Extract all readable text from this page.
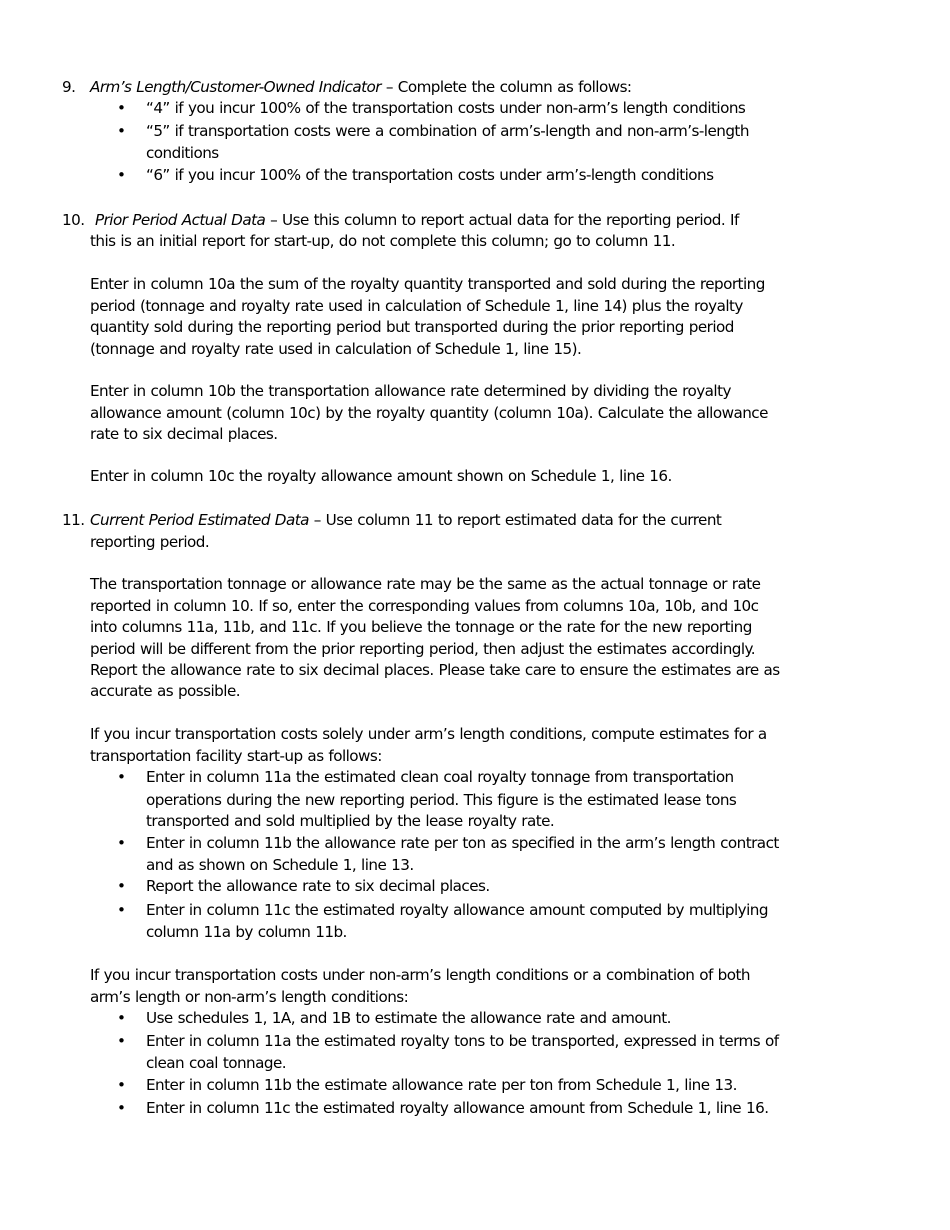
9. Arm’s Length/Customer-Owned Indicator – Complete the column as follows:
• “4” if you incur 100% of the transportation costs under non-arm’s length conditions
• “5” if transportation costs were a combination of arm’s-length and non-arm’s-length
conditions
• “6” if you incur 100% of the transportation costs under arm’s-length conditions
10. Prior Period Actual Data – Use this column to report actual data for the reporting period. If
this is an initial report for start-up, do not complete this column; go to column 11.
Enter in column 10a the sum of the royalty quantity transported and sold during the reporting
period (tonnage and royalty rate used in calculation of Schedule 1, line 14) plus the royalty
quantity sold during the reporting period but transported during the prior reporting period
(tonnage and royalty rate used in calculation of Schedule 1, line 15).
Enter in column 10b the transportation allowance rate determined by dividing the royalty
allowance amount (column 10c) by the royalty quantity (column 10a). Calculate the allowance
rate to six decimal places.
Enter in column 10c the royalty allowance amount shown on Schedule 1, line 16.
11. Current Period Estimated Data – Use column 11 to report estimated data for the current
reporting period.
The transportation tonnage or allowance rate may be the same as the actual tonnage or rate
reported in column 10. If so, enter the corresponding values from columns 10a, 10b, and 10c
into columns 11a, 11b, and 11c. If you believe the tonnage or the rate for the new reporting
period will be different from the prior reporting period, then adjust the estimates accordingly.
Report the allowance rate to six decimal places. Please take care to ensure the estimates are as
accurate as possible.
If you incur transportation costs solely under arm’s length conditions, compute estimates for a
transportation facility start-up as follows:
• Enter in column 11a the estimated clean coal royalty tonnage from transportation
operations during the new reporting period. This figure is the estimated lease tons
transported and sold multiplied by the lease royalty rate.
• Enter in column 11b the allowance rate per ton as specified in the arm’s length contract
and as shown on Schedule 1, line 13.
• Report the allowance rate to six decimal places.
• Enter in column 11c the estimated royalty allowance amount computed by multiplying
column 11a by column 11b.
If you incur transportation costs under non-arm’s length conditions or a combination of both
arm’s length or non-arm’s length conditions:
• Use schedules 1, 1A, and 1B to estimate the allowance rate and amount.
• Enter in column 11a the estimated royalty tons to be transported, expressed in terms of
clean coal tonnage.
• Enter in column 11b the estimate allowance rate per ton from Schedule 1, line 13.
• Enter in column 11c the estimated royalty allowance amount from Schedule 1, line 16.
